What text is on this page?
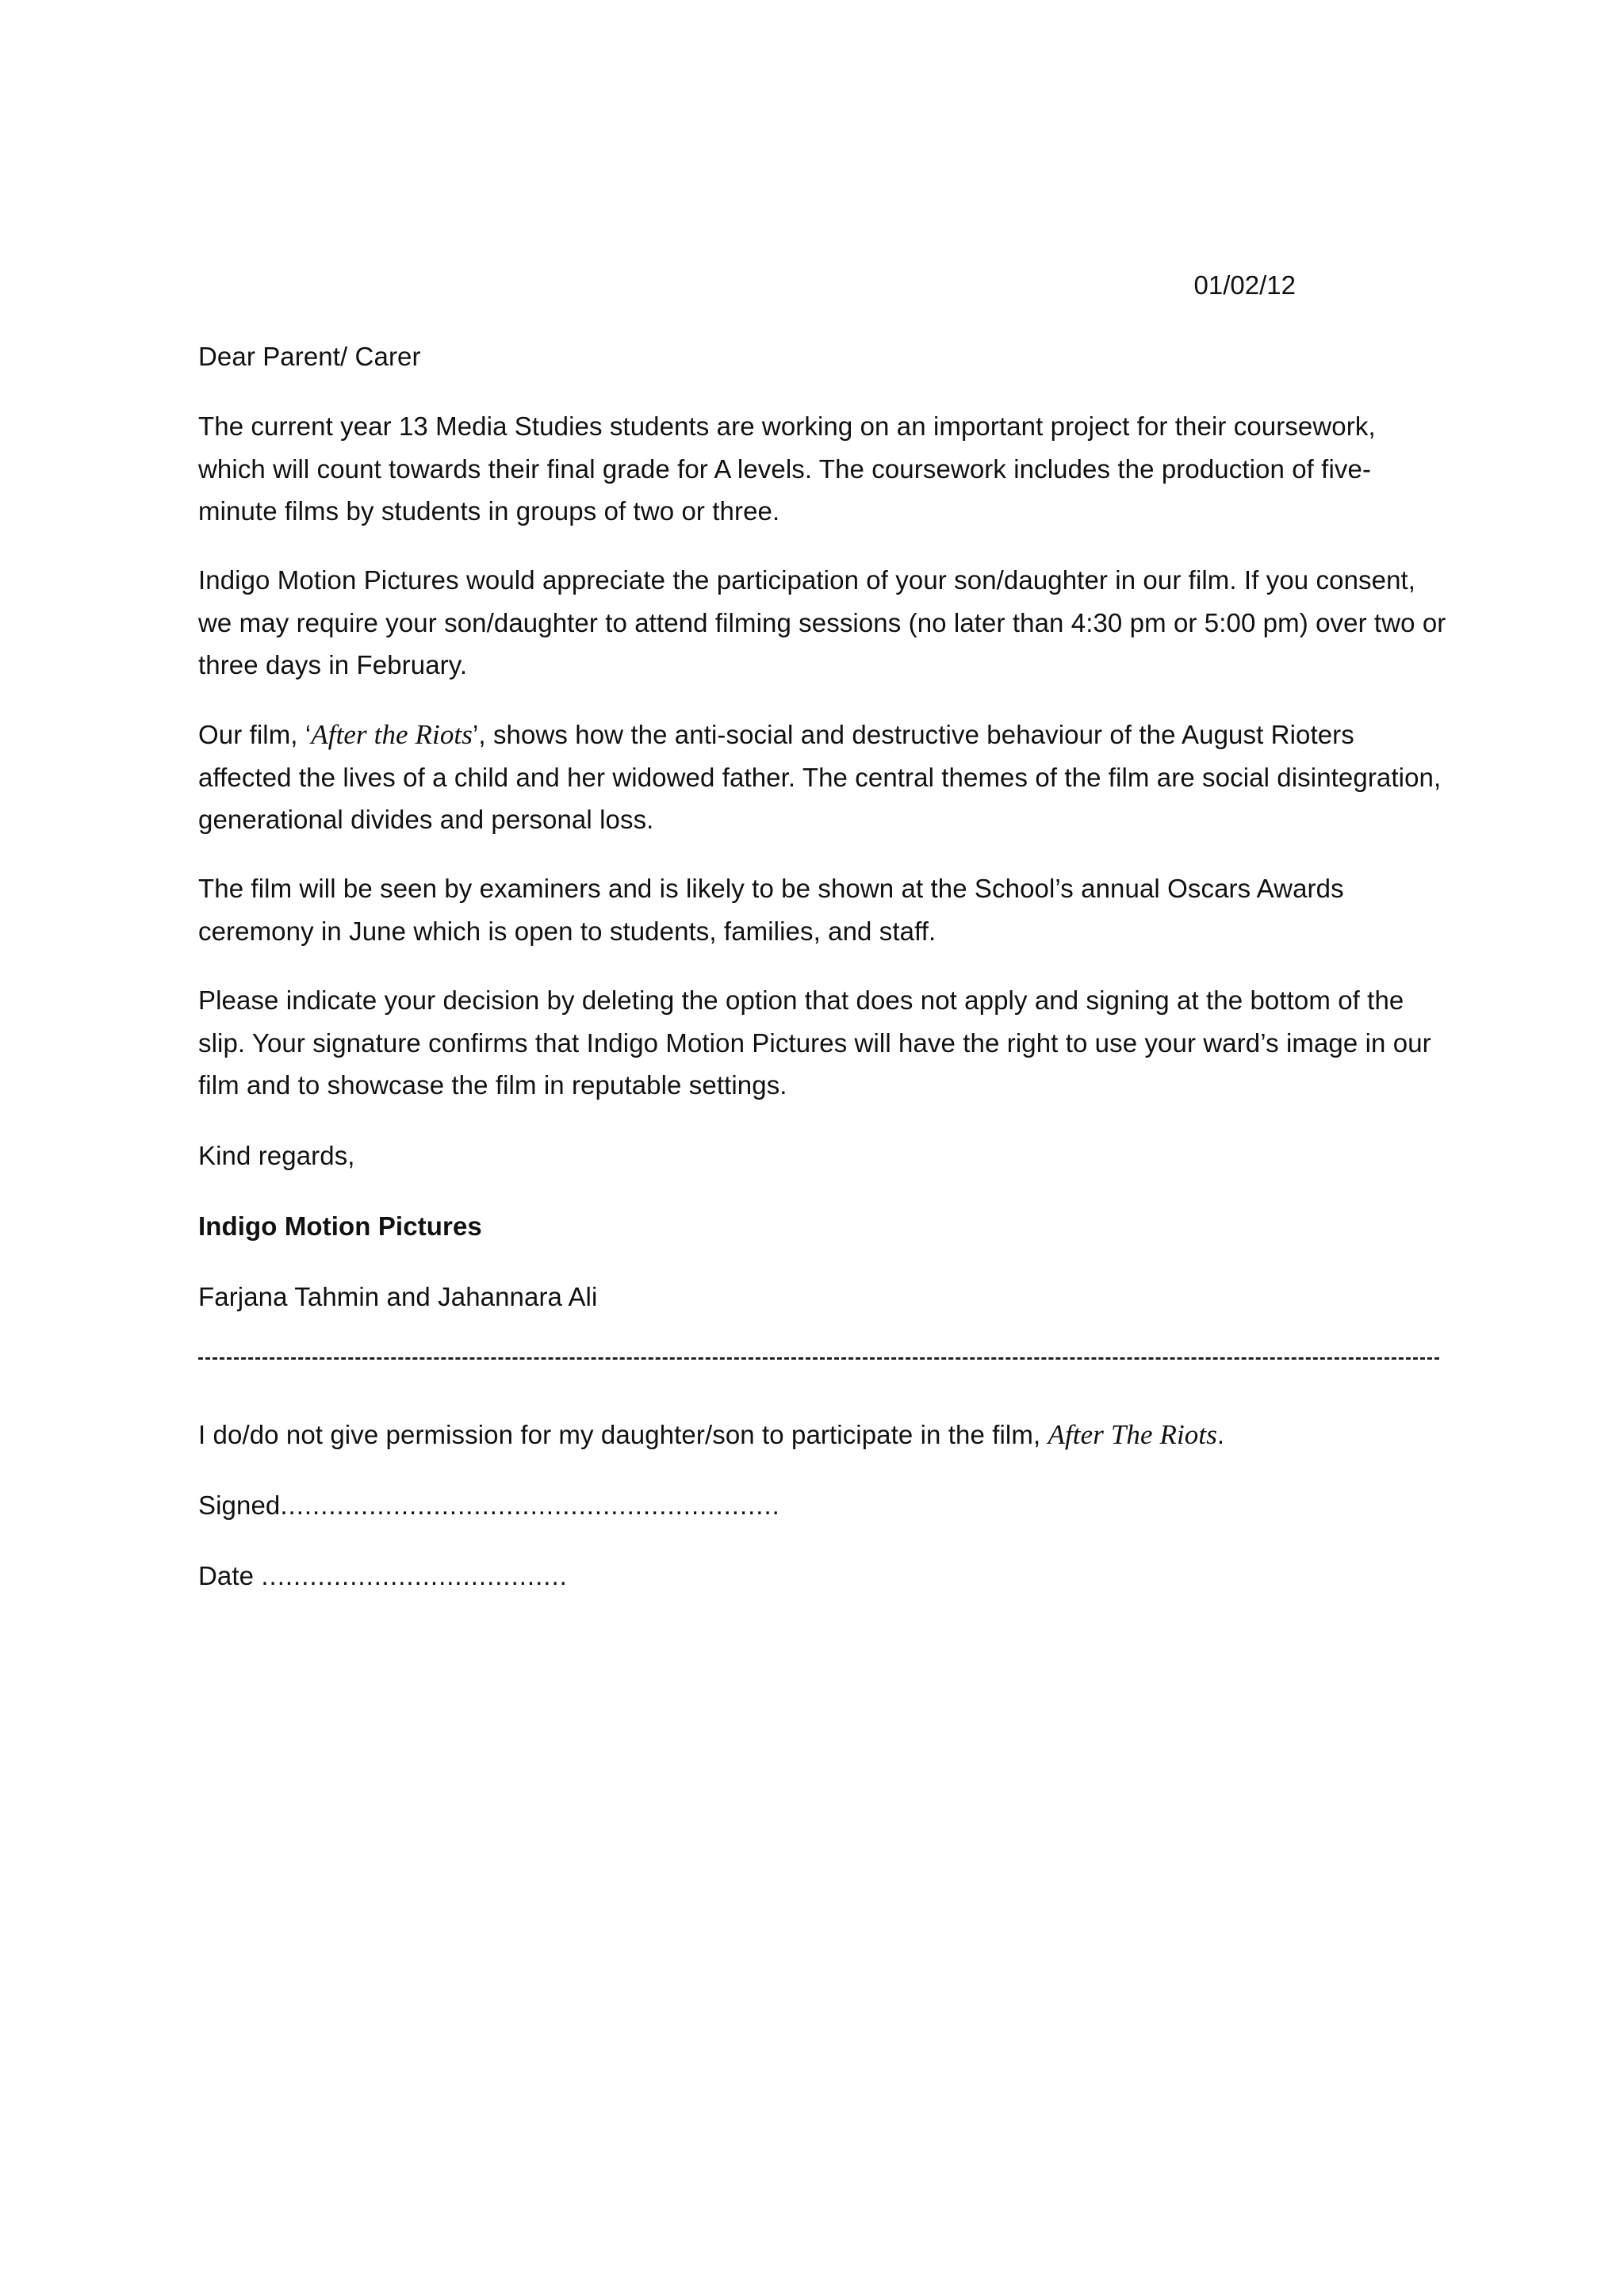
01/02/12
Dear Parent/ Carer
The current year 13 Media Studies students are working on an important project for their coursework, which will count towards their final grade for A levels. The coursework includes the production of five-minute films by students in groups of two or three.
Indigo Motion Pictures would appreciate the participation of your son/daughter in our film. If you consent, we may require your son/daughter to attend filming sessions (no later than 4:30 pm or 5:00 pm) over two or three days in February.
Our film, ‘After the Riots’, shows how the anti-social and destructive behaviour of the August Rioters affected the lives of a child and her widowed father. The central themes of the film are social disintegration, generational divides and personal loss.
The film will be seen by examiners and is likely to be shown at the School’s annual Oscars Awards ceremony in June which is open to students, families, and staff.
Please indicate your decision by deleting the option that does not apply and signing at the bottom of the slip. Your signature confirms that Indigo Motion Pictures will have the right to use your ward’s image in our film and to showcase the film in reputable settings.
Kind regards,
Indigo Motion Pictures
Farjana Tahmin and Jahannara Ali
I do/do not give permission for my daughter/son to participate in the film, After The Riots.
Signed..............................................................
Date ......................................
